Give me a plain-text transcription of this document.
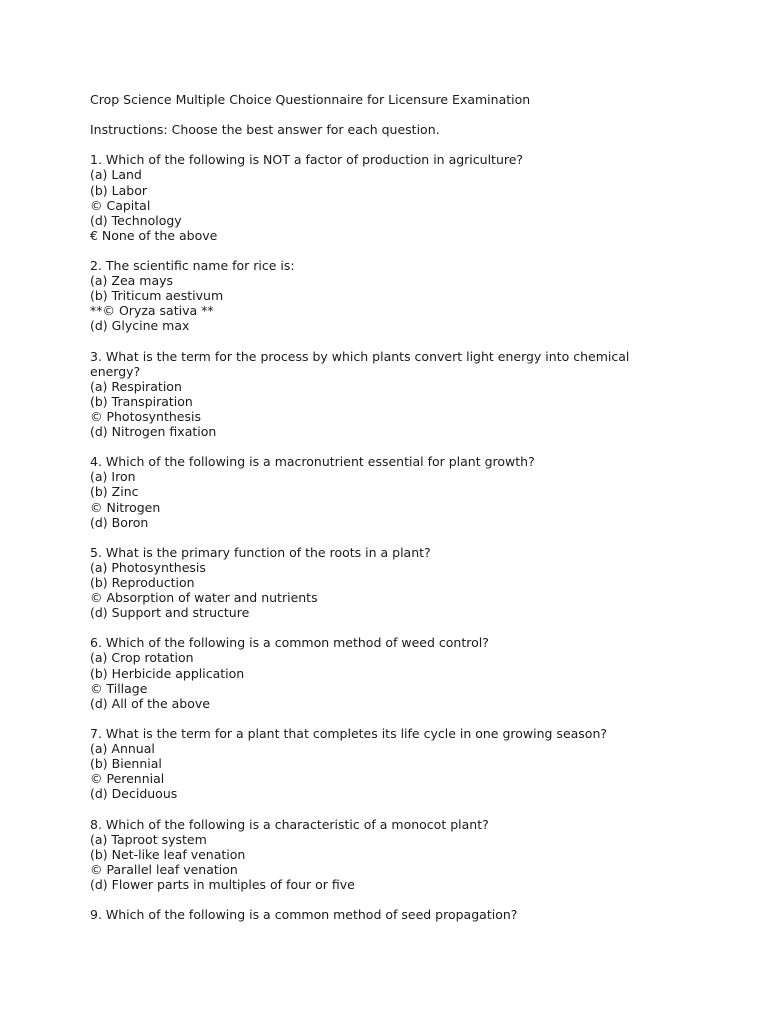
Crop Science Multiple Choice Questionnaire for Licensure Examination
Instructions: Choose the best answer for each question.
1. Which of the following is NOT a factor of production in agriculture?
(a) Land
(b) Labor
© Capital
(d) Technology
€ None of the above
2. The scientific name for rice is:
(a) Zea mays
(b) Triticum aestivum
**© Oryza sativa **
(d) Glycine max
3. What is the term for the process by which plants convert light energy into chemical energy?
(a) Respiration
(b) Transpiration
© Photosynthesis
(d) Nitrogen fixation
4. Which of the following is a macronutrient essential for plant growth?
(a) Iron
(b) Zinc
© Nitrogen
(d) Boron
5. What is the primary function of the roots in a plant?
(a) Photosynthesis
(b) Reproduction
© Absorption of water and nutrients
(d) Support and structure
6. Which of the following is a common method of weed control?
(a) Crop rotation
(b) Herbicide application
© Tillage
(d) All of the above
7. What is the term for a plant that completes its life cycle in one growing season?
(a) Annual
(b) Biennial
© Perennial
(d) Deciduous
8. Which of the following is a characteristic of a monocot plant?
(a) Taproot system
(b) Net-like leaf venation
© Parallel leaf venation
(d) Flower parts in multiples of four or five
9. Which of the following is a common method of seed propagation?
